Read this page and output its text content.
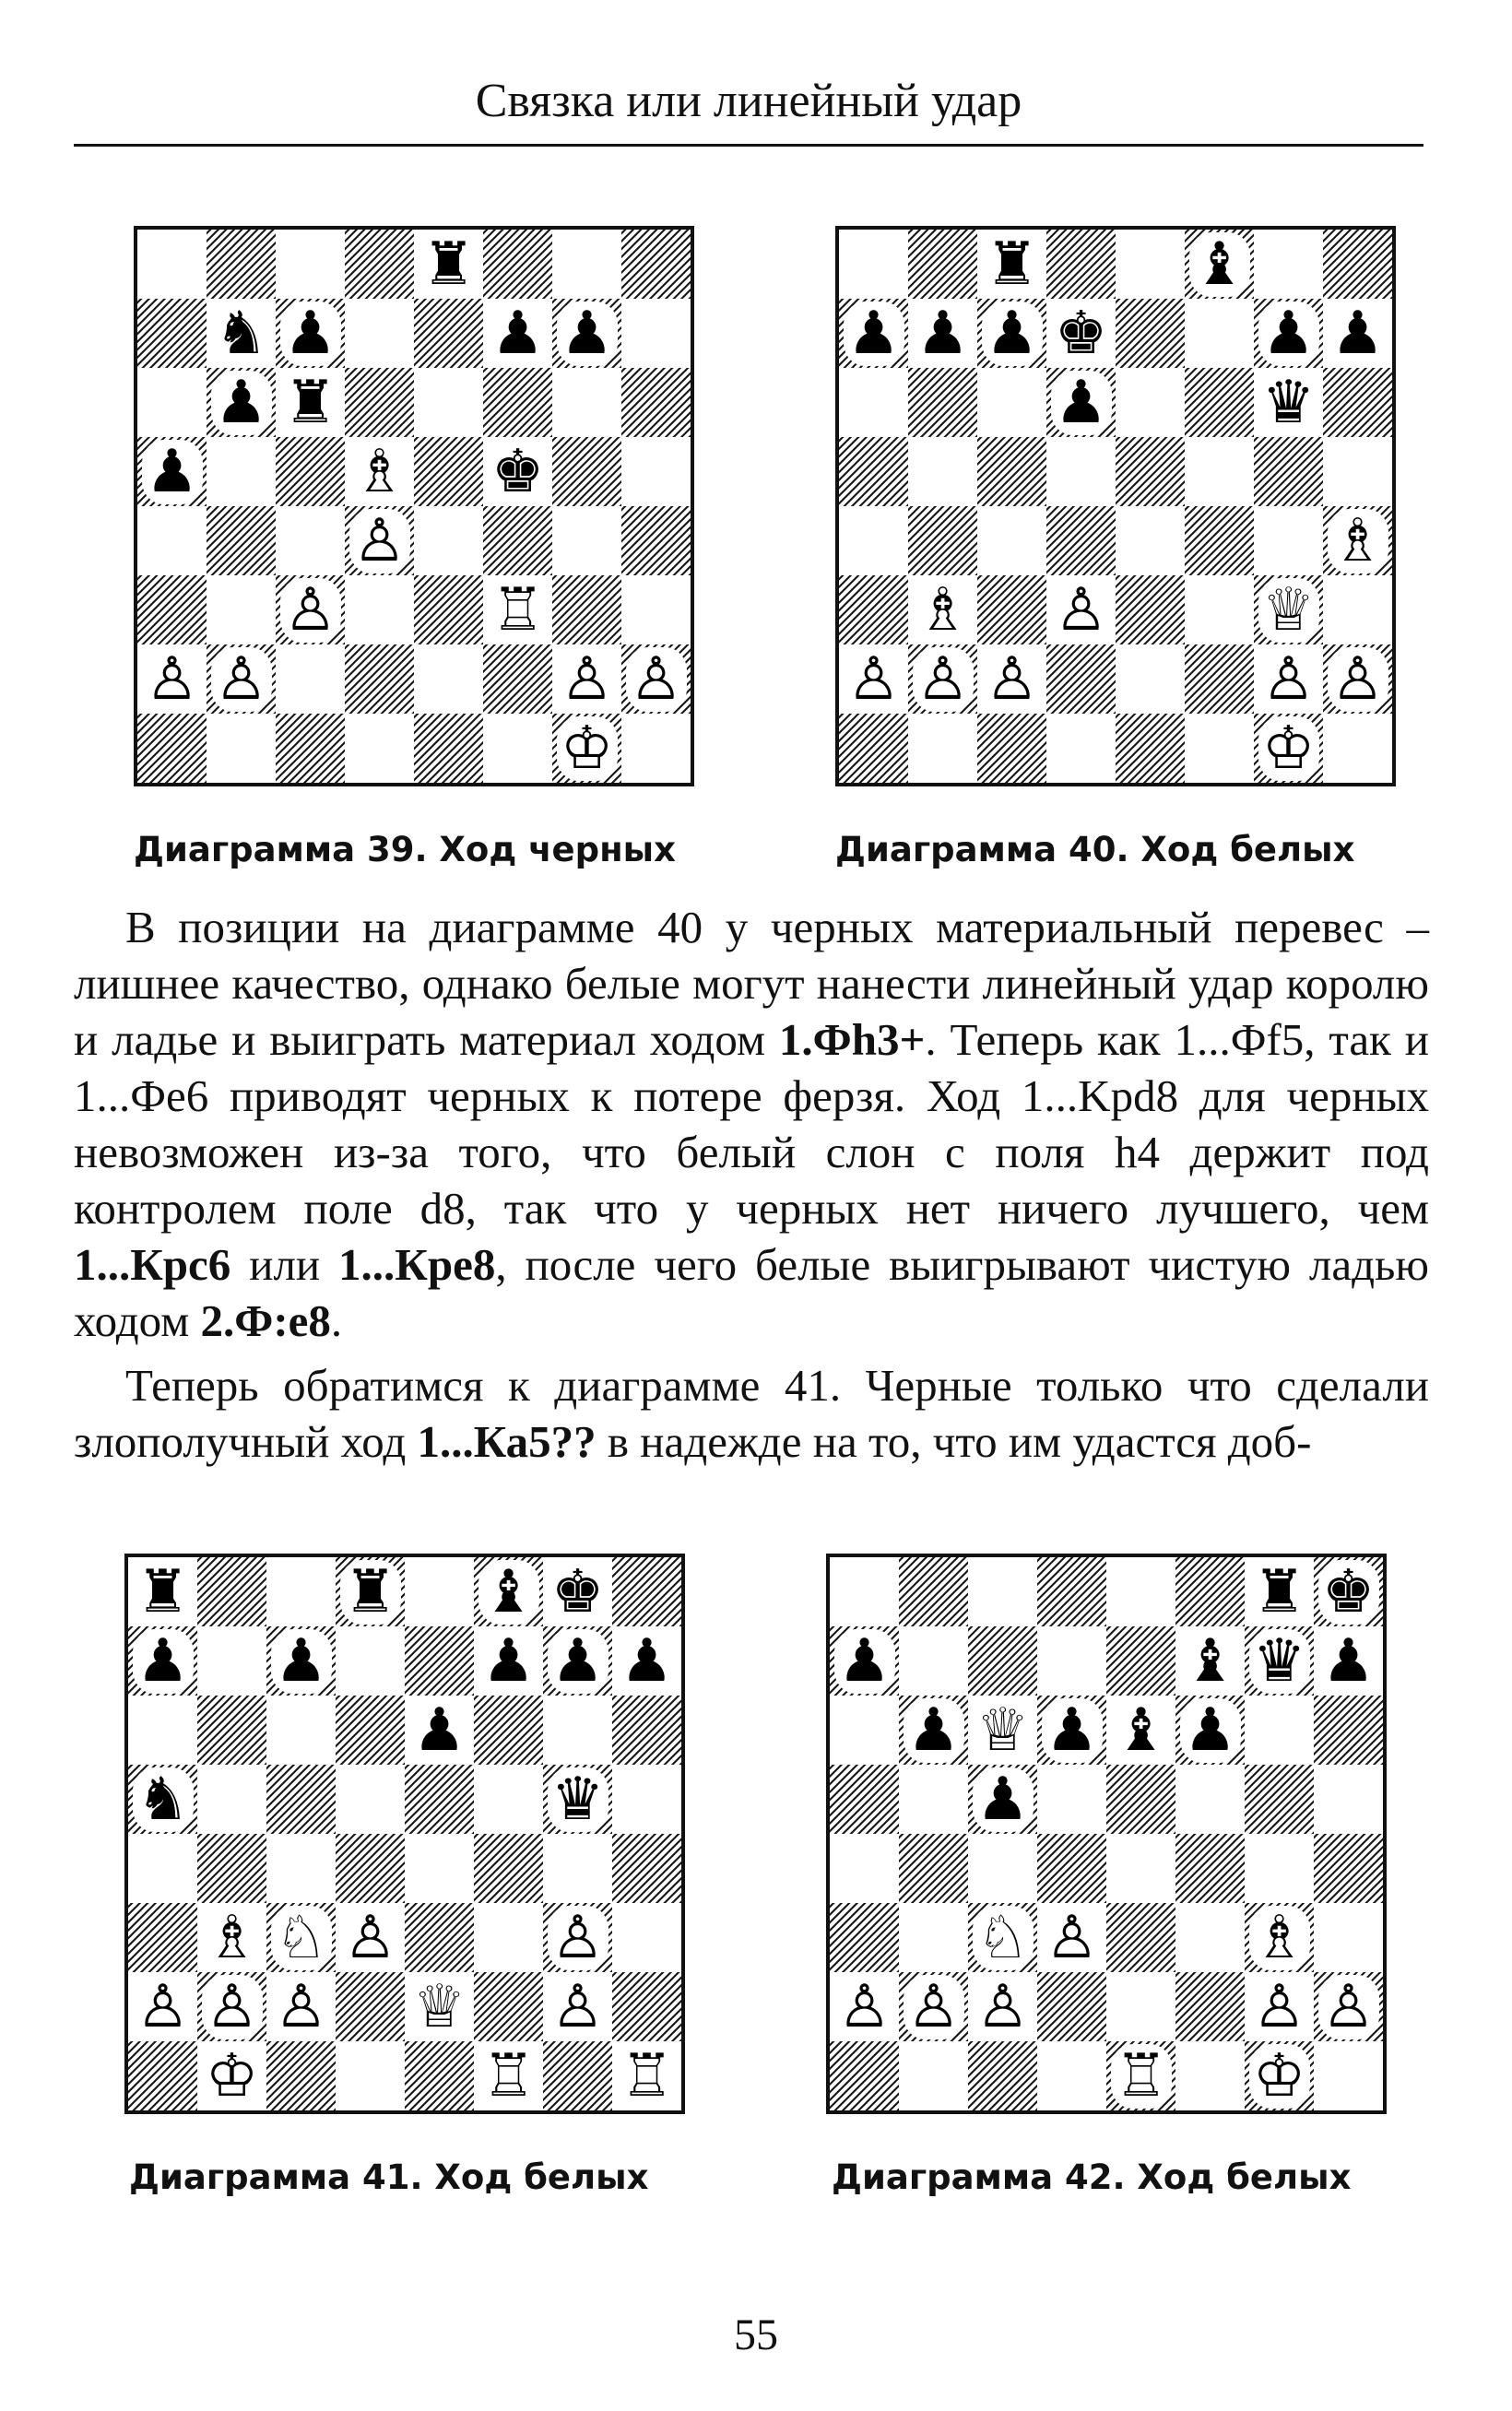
Связка или линейный удар
♜
♞ ♟	♟ ♟
♟ ♜
♟	♗ ♚
♙
♙	♖
♙ ♙	♙ ♙
♔
♜	♝
♟ ♟ ♟ ♚	♟ ♟
♟	♛
♗
♗ ♙	♕
♙ ♙ ♙	♙ ♙
♔
Диаграмма 39. Ход черных	Диаграмма 40. Ход белых

В позиции на диаграмме 40 у черных материальный перевес – лишнее качество, однако белые могут нанести линейный удар королю и ладье и выиграть материал ходом 1.Фh3+. Теперь как 1...Фf5, так и 1...Фе6 приводят черных к потере ферзя. Ход 1...Kpd8 для черных невозможен из-за того, что белый слон с поля h4 держит под контролем поле d8, так что у черных нет ничего лучшего, чем 1...Крс6 или 1...Кре8, после чего белые выигрывают чистую ладью ходом 2.Ф:е8.

Теперь обратимся к диаграмме 41. Черные только что сделали злополучный ход 1...Ка5?? в надежде на то, что им удастся доб-

♜	♜ ♝ ♚
♟ ♟	♟ ♟ ♟
♟
♞	♛
♗ ♘ ♙	♙
♙ ♙ ♙ ♕ ♙
♔	♖ ♖
♜ ♚
♟	♝ ♛ ♟
♟ ♕ ♟ ♝ ♟
♟
♘ ♙	♗
♙ ♙ ♙	♙ ♙
♖ ♔
Диаграмма 41. Ход белых	Диаграмма 42. Ход белых
55
